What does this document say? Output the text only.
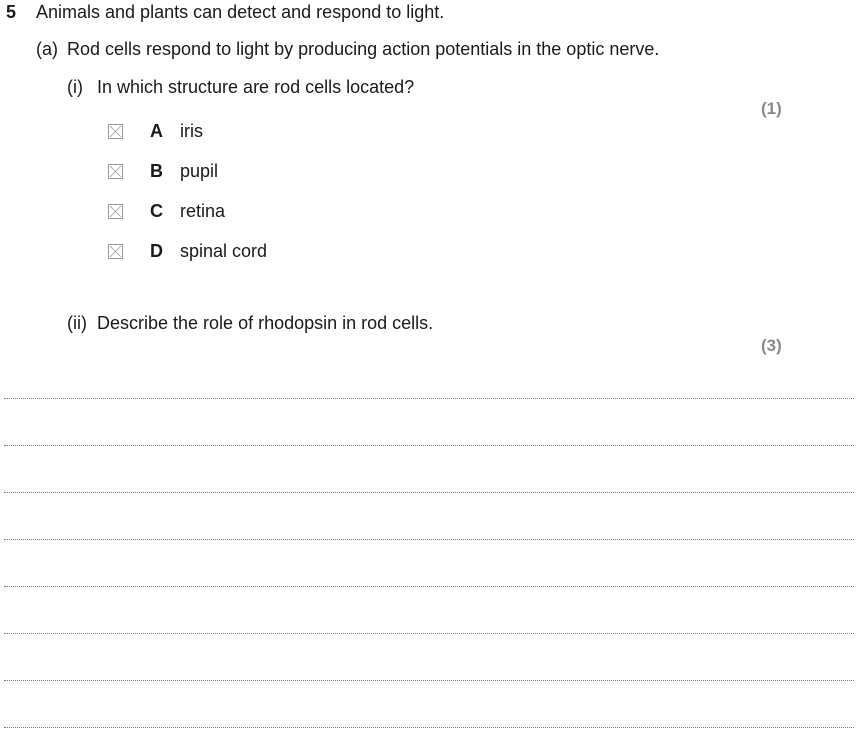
5 Animals and plants can detect and respond to light.
(a) Rod cells respond to light by producing action potentials in the optic nerve.
(i) In which structure are rod cells located?
(1)
A iris
B pupil
C retina
D spinal cord
(ii) Describe the role of rhodopsin in rod cells.
(3)
